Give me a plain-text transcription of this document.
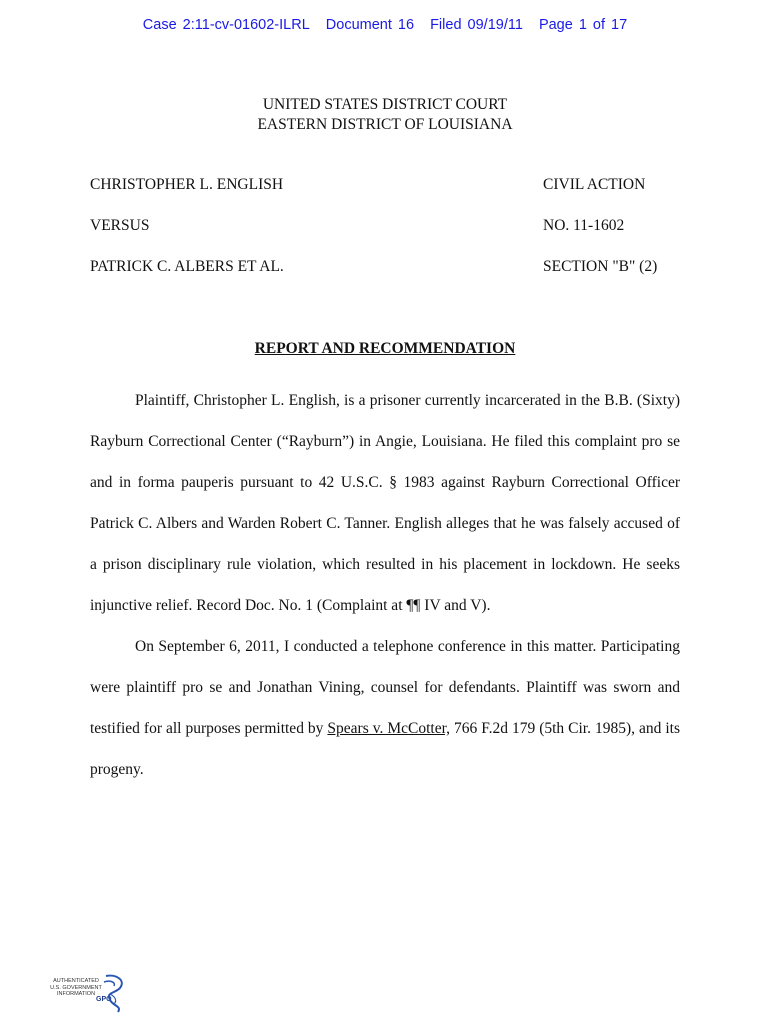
Case 2:11-cv-01602-ILRL Document 16 Filed 09/19/11 Page 1 of 17
UNITED STATES DISTRICT COURT
EASTERN DISTRICT OF LOUISIANA
CHRISTOPHER L. ENGLISH	CIVIL ACTION
VERSUS	NO. 11-1602
PATRICK C. ALBERS ET AL.	SECTION "B" (2)
REPORT AND RECOMMENDATION

Plaintiff, Christopher L. English, is a prisoner currently incarcerated in the B.B. (Sixty) Rayburn Correctional Center (“Rayburn”) in Angie, Louisiana. He filed this complaint pro se and in forma pauperis pursuant to 42 U.S.C. § 1983 against Rayburn Correctional Officer Patrick C. Albers and Warden Robert C. Tanner. English alleges that he was falsely accused of a prison disciplinary rule violation, which resulted in his placement in lockdown. He seeks injunctive relief. Record Doc. No. 1 (Complaint at ¶¶ IV and V).

On September 6, 2011, I conducted a telephone conference in this matter. Participating were plaintiff pro se and Jonathan Vining, counsel for defendants. Plaintiff was sworn and testified for all purposes permitted by Spears v. McCotter, 766 F.2d 179 (5th Cir. 1985), and its progeny.

AUTHENTICATED
U.S. GOVERNMENT
INFORMATION
GPO
